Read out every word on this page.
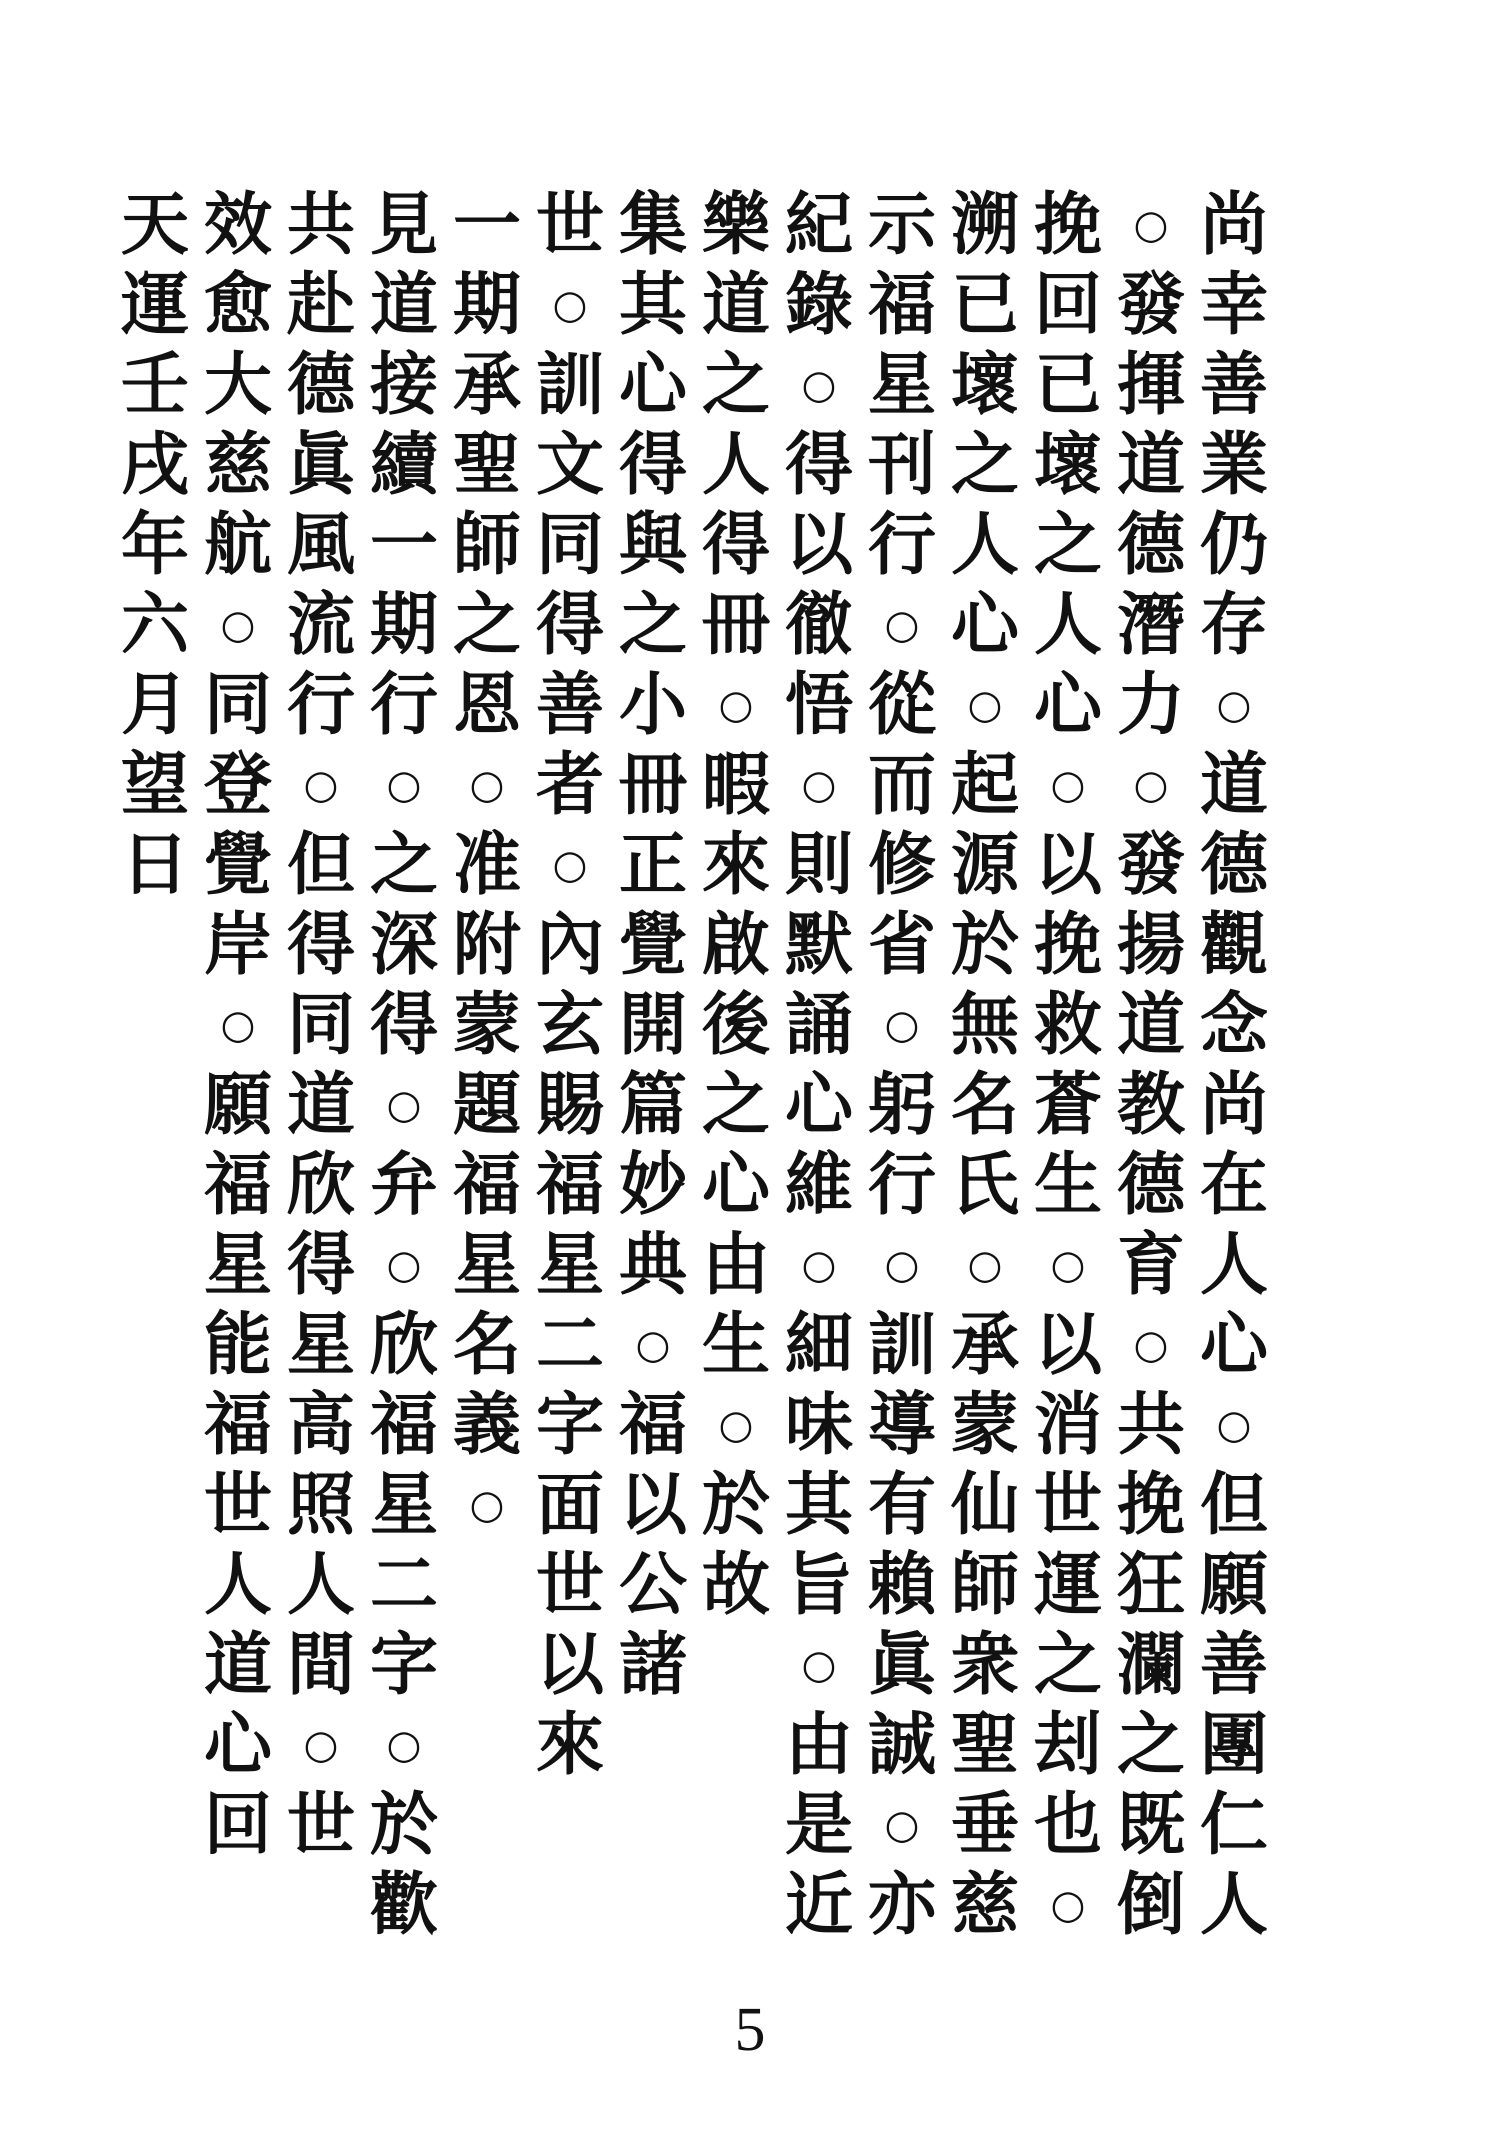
尚
幸
善
業
仍
存
○
道
德
觀
念
尚
在
人
心
○
但
願
善
團
仁
人
○
發
揮
道
德
潛
力
○
發
揚
道
教
德
育
○
共
挽
狂
瀾
之
既
倒
挽
回
已
壞
之
人
心
○
以
挽
救
蒼
生
○
以
消
世
運
之
刦
也
○
溯
已
壞
之
人
心
○
起
源
於
無
名
氏
○
承
蒙
仙
師
衆
聖
垂
慈
示
福
星
刊
行
○
從
而
修
省
○
躬
行
○
訓
導
有
賴
眞
誠
○
亦
紀
錄
○
得
以
徹
悟
○
則
默
誦
心
維
○
細
味
其
旨
○
由
是
近
樂
道
之
人
得
冊
○
暇
來
啟
後
之
心
由
生
○
於
故
集
其
心
得
與
之
小
冊
正
覺
開
篇
妙
典
○
福
以
公
諸
世
○
訓
文
同
得
善
者
○
內
玄
賜
福
星
二
字
面
世
以
來
一
期
承
聖
師
之
恩
○
准
附
蒙
題
福
星
名
義
○
見
道
接
續
一
期
行
○
之
深
得
○
弁
○
欣
福
星
二
字
○
於
歡
共
赴
德
眞
風
流
行
○
但
得
同
道
欣
得
星
高
照
人
間
○
世
效
愈
大
慈
航
○
同
登
覺
岸
○
願
福
星
能
福
世
人
道
心
回
天
運
壬
戌
年
六
月
望
日
5
